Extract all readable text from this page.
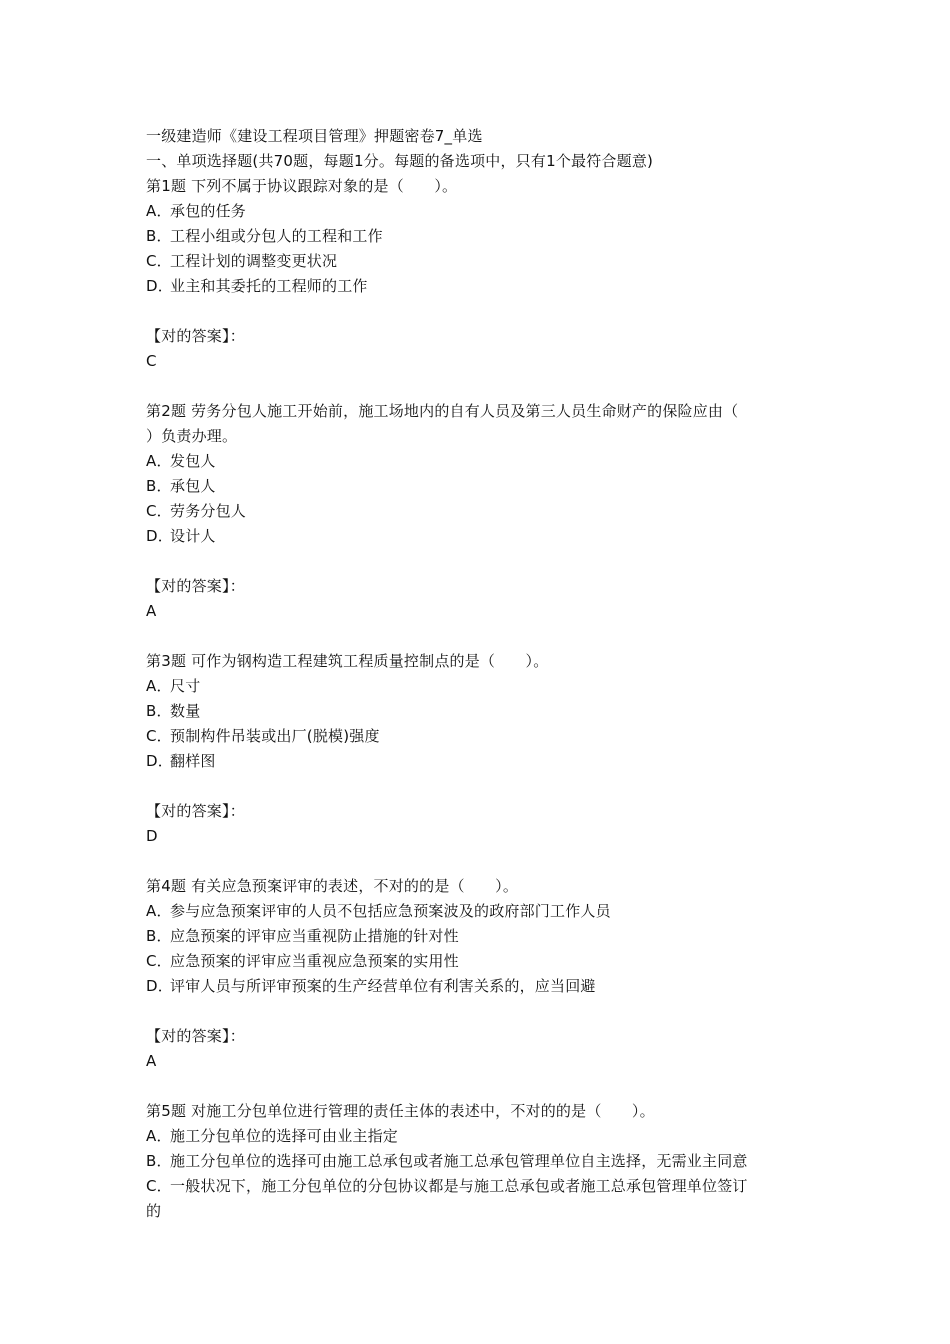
一级建造师《建设工程项目管理》押题密卷7_单选
一、单项选择题(共70题，每题1分。每题的备选项中，只有1个最符合题意)
第1题 下列不属于协议跟踪对象的是（　　）。
A．承包的任务
B．工程小组或分包人的工程和工作
C．工程计划的调整变更状况
D．业主和其委托的工程师的工作
【对的答案】：
C
第2题 劳务分包人施工开始前，施工场地内的自有人员及第三人员生命财产的保险应由（
）负责办理。
A．发包人
B．承包人
C．劳务分包人
D．设计人
【对的答案】：
A
第3题 可作为钢构造工程建筑工程质量控制点的是（　　）。
A．尺寸
B．数量
C．预制构件吊装或出厂(脱模)强度
D．翻样图
【对的答案】：
D
第4题 有关应急预案评审的表述，不对的的是（　　）。
A．参与应急预案评审的人员不包括应急预案波及的政府部门工作人员
B．应急预案的评审应当重视防止措施的针对性
C．应急预案的评审应当重视应急预案的实用性
D．评审人员与所评审预案的生产经营单位有利害关系的，应当回避
【对的答案】：
A
第5题 对施工分包单位进行管理的责任主体的表述中，不对的的是（　　）。
A．施工分包单位的选择可由业主指定
B．施工分包单位的选择可由施工总承包或者施工总承包管理单位自主选择，无需业主同意
C．一般状况下，施工分包单位的分包协议都是与施工总承包或者施工总承包管理单位签订
的
